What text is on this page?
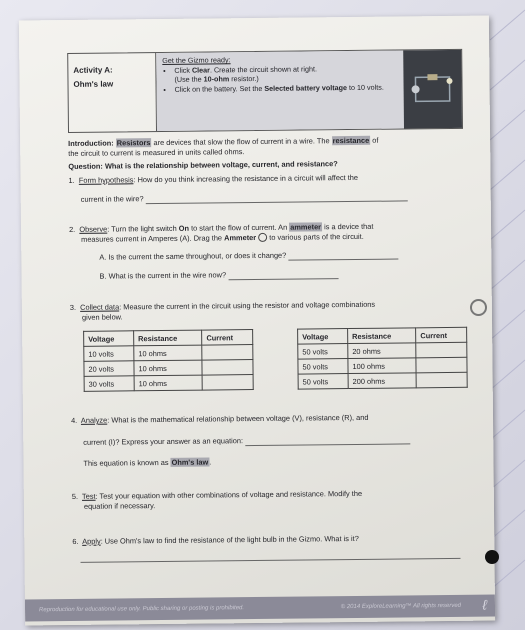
Activity A:
Ohm's law
Get the Gizmo ready:
• Click Clear. Create the circuit shown at right.
(Use the 10-ohm resistor.)
• Click on the battery. Set the Selected battery voltage to 10 volts.
Introduction: Resistors are devices that slow the flow of current in a wire. The resistance of
the circuit to current is measured in units called ohms.
Question: What is the relationship between voltage, current, and resistance?
1. Form hypothesis: How do you think increasing the resistance in a circuit will affect the
current in the wire?
2. Observe: Turn the light switch On to start the flow of current. An ammeter is a device that
measures current in Amperes (A). Drag the Ammeter  to various parts of the circuit.
A. Is the current the same throughout, or does it change?
B. What is the current in the wire now?
3. Collect data: Measure the current in the circuit using the resistor and voltage combinations
given below.
Voltage	Resistance	Current
10 volts	10 ohms	
20 volts	10 ohms	
30 volts	10 ohms	
Voltage	Resistance	Current
50 volts	20 ohms	
50 volts	100 ohms	
50 volts	200 ohms	
4. Analyze: What is the mathematical relationship between voltage (V), resistance (R), and
current (I)? Express your answer as an equation:
This equation is known as Ohm's law.
5. Test: Test your equation with other combinations of voltage and resistance. Modify the
equation if necessary.
6. Apply: Use Ohm's law to find the resistance of the light bulb in the Gizmo. What is it?
Reproduction for educational use only. Public sharing or posting is prohibited.	© 2014 ExploreLearning™ All rights reserved ℓ
